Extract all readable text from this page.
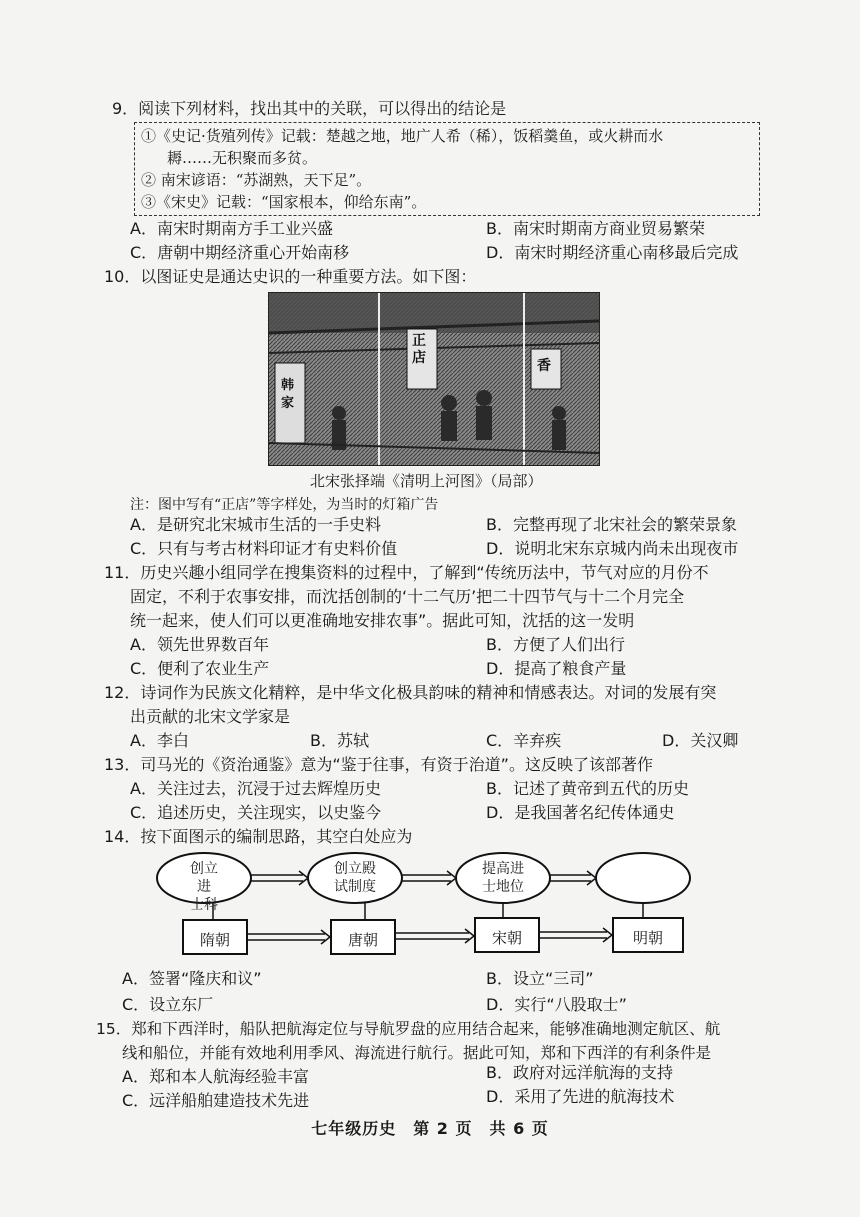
9．阅读下列材料，找出其中的关联，可以得出的结论是
①《史记·货殖列传》记载：楚越之地，地广人希（稀），饭稻羹鱼，或火耕而水
耨……无积聚而多贫。
② 南宋谚语：“苏湖熟，天下足”。
③《宋史》记载：“国家根本，仰给东南”。
A．南宋时期南方手工业兴盛	B．南宋时期南方商业贸易繁荣
C．唐朝中期经济重心开始南移	D．南宋时期经济重心南移最后完成
10．以图证史是通达史识的一种重要方法。如下图：
正店	香
韩家
北宋张择端《清明上河图》（局部）
注：图中写有“正店”等字样处，为当时的灯箱广告
A．是研究北宋城市生活的一手史料	B．完整再现了北宋社会的繁荣景象
C．只有与考古材料印证才有史料价值	D．说明北宋东京城内尚未出现夜市
11．历史兴趣小组同学在搜集资料的过程中，了解到“传统历法中，节气对应的月份不
固定，不利于农事安排，而沈括创制的‘十二气历’把二十四节气与十二个月完全
统一起来，使人们可以更准确地安排农事”。据此可知，沈括的这一发明
A．领先世界数百年	B．方便了人们出行
C．便利了农业生产	D．提高了粮食产量
12．诗词作为民族文化精粹，是中华文化极具韵味的精神和情感表达。对词的发展有突
出贡献的北宋文学家是
A．李白	B．苏轼	C．辛弃疾	D．关汉卿
13．司马光的《资治通鉴》意为“鉴于往事，有资于治道”。这反映了该部著作
A．关注过去，沉浸于过去辉煌历史	B．记述了黄帝到五代的历史
C．追述历史，关注现实，以史鉴今	D．是我国著名纪传体通史
14．按下面图示的编制思路，其空白处应为
创立进
士科
创立殿
试制度
提高进
士地位
隋朝	唐朝	宋朝	明朝
A．签署“隆庆和议”	B．设立“三司”
C．设立东厂	D．实行“八股取士”
15．郑和下西洋时，船队把航海定位与导航罗盘的应用结合起来，能够准确地测定航区、航
线和船位，并能有效地利用季风、海流进行航行。据此可知，郑和下西洋的有利条件是
A．郑和本人航海经验丰富	B．政府对远洋航海的支持
C．远洋船舶建造技术先进	D．采用了先进的航海技术
七年级历史　第 2 页　共 6 页
